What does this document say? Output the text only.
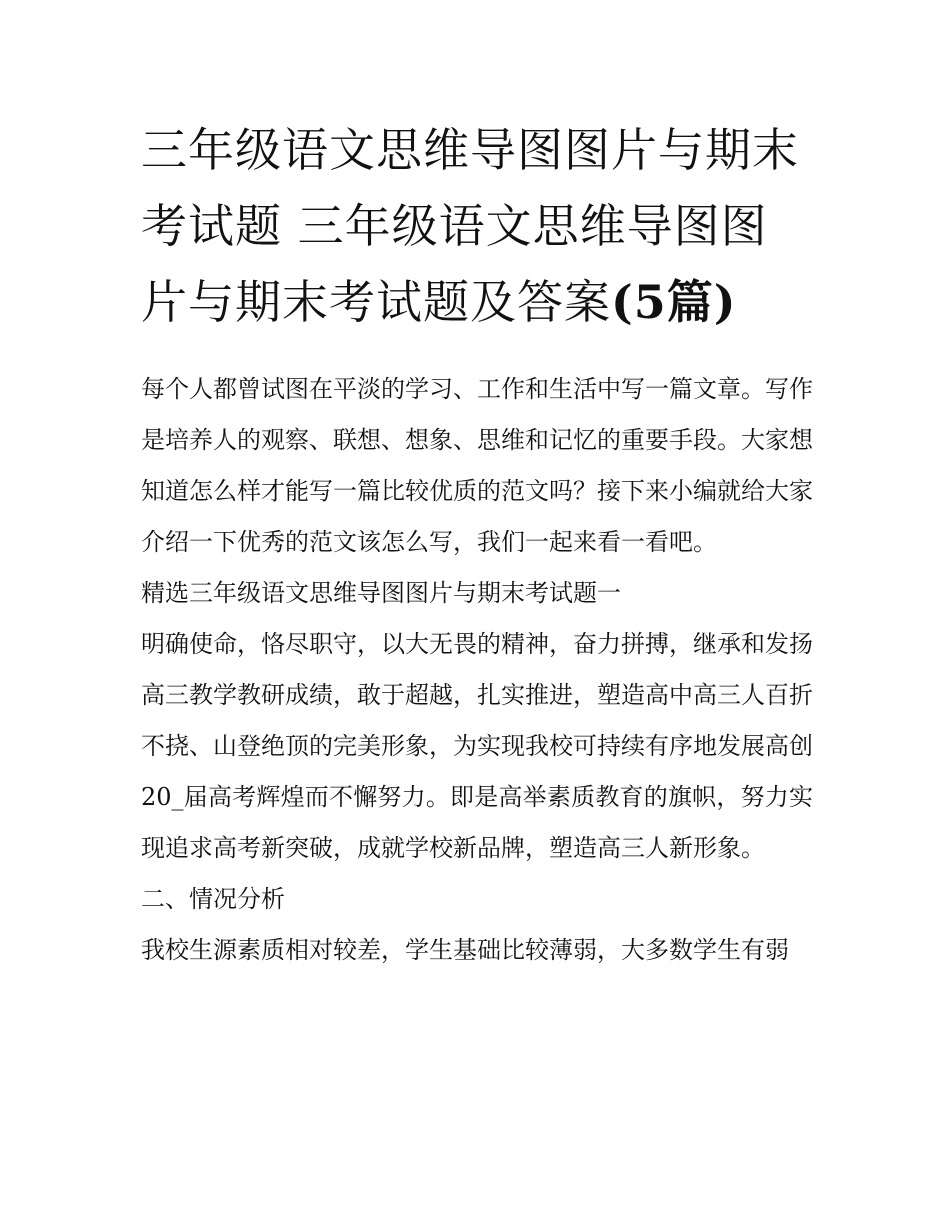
三年级语文思维导图图片与期末考试题 三年级语文思维导图图片与期末考试题及答案(5篇)

每个人都曾试图在平淡的学习、工作和生活中写一篇文章。写作是培养人的观察、联想、想象、思维和记忆的重要手段。大家想知道怎么样才能写一篇比较优质的范文吗？接下来小编就给大家介绍一下优秀的范文该怎么写，我们一起来看一看吧。

精选三年级语文思维导图图片与期末考试题一

明确使命，恪尽职守，以大无畏的精神，奋力拼搏，继承和发扬高三教学教研成绩，敢于超越，扎实推进，塑造高中高三人百折不挠、山登绝顶的完美形象，为实现我校可持续有序地发展高创20_届高考辉煌而不懈努力。即是高举素质教育的旗帜，努力实现追求高考新突破，成就学校新品牌，塑造高三人新形象。

二、情况分析

我校生源素质相对较差，学生基础比较薄弱，大多数学生有弱
